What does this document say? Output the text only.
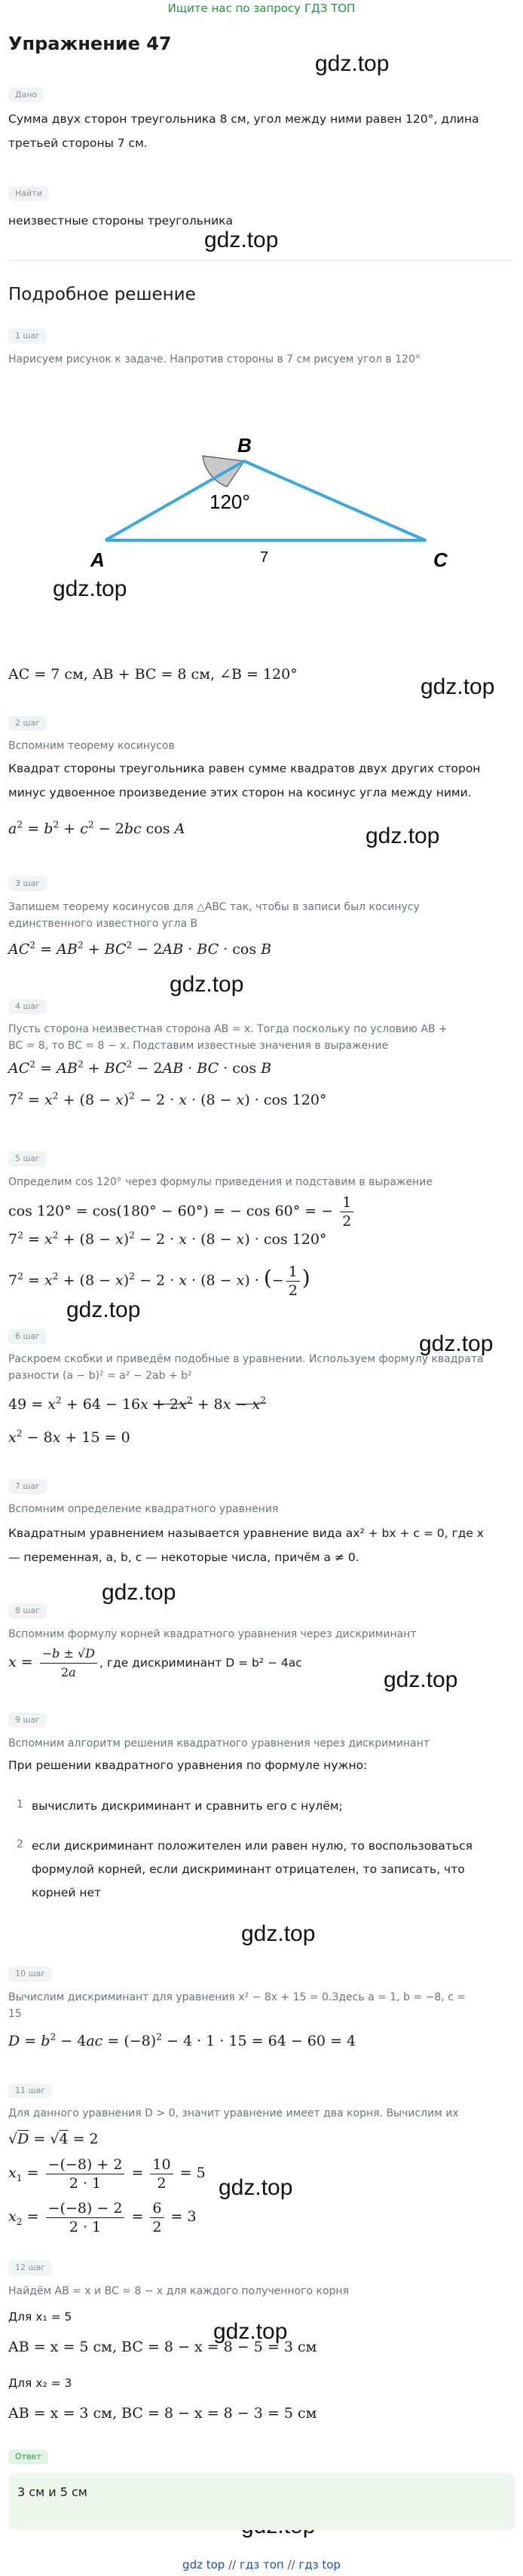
Ищите нас по запросу ГДЗ ТОП
Упражнение 47
gdz.top
gdz.top
gdz.top
gdz.top
gdz.top
gdz.top
gdz.top
gdz.top
gdz.top
gdz.top
gdz.top
gdz.top
gdz.top
Дано
Сумма двух сторон треугольника 8 см, угол между ними равен 120°, длина
третьей стороны 7 см.
Найти
неизвестные стороны треугольника
Подробное решение
1 шаг
Нарисуем рисунок к задаче. Напротив стороны в 7 см рисуем угол в 120°
B
120°
A	C
7
AC = 7 см, AB + BC = 8 см, ∠B = 120°
2 шаг
Вспомним теорему косинусов
Квадрат стороны треугольника равен сумме квадратов двух других сторон
минус удвоенное произведение этих сторон на косинус угла между ними.
$a^2 = b^2 + c^2 - 2bc$ cos A
3 шаг
Запишем теорему косинусов для △ABC так, чтобы в записи был косинусу
единственного известного угла B
$AC^2 = AB^2 + BC^2 - 2AB$ · BC · cos B
4 шаг
Пусть сторона неизвестная сторона AB = x. Тогда поскольку по условию AB +
BC = 8, то BC = 8 − x. Подставим известные значения в выражение
$AC^2 = AB^2 + BC^2 - 2AB$ · BC · cos B
$7^2 = x^2 + (8 - x)^2 - 2 \cdot x \cdot (8 - x) \cdot \cos 120^\circ$
5 шаг
Определим cos 120° через формулы приведения и подставим в выражение
cos 120° = cos(180° − 60°) = − cos 60° = − $\frac{1}{2}$
$7^2 = x^2 + (8 - x)^2 - 2 \cdot x \cdot (8 - x) \cdot \cos 120^\circ$
$7^2 = x^2 + (8 - x)^2 - 2 \cdot x \cdot (8 - x)$ · (− $\frac{1}{2}$ )
6 шаг
Раскроем скобки и приведём подобные в уравнении. Используем формулу квадрата
разности (a − b)² = a² − 2ab + b²
$49 = x^2 + 64 - 16x + 2x^2 + 8x - x^2$
$x^2 - 8x + 15 = 0$
7 шаг
Вспомним определение квадратного уравнения
Квадратным уравнением называется уравнение вида ax² + bx + c = 0, где x
— переменная, a, b, c — некоторые числа, причём a ≠ 0.
8 шаг
Вспомним формулу корней квадратного уравнения через дискриминант
$x = \frac{-b \pm √D}{2a}$ , где дискриминант D = b² − 4ac
9 шаг
Вспомним алгоритм решения квадратного уравнения через дискриминант
При решении квадратного уравнения по формуле нужно:
1 вычислить дискриминант и сравнить его с нулём;
2 если дискриминант положителен или равен нулю, то воспользоваться
формулой корней, если дискриминант отрицателен, то записать, что
корней нет
10 шаг
Вычислим дискриминант для уравнения x² − 8x + 15 = 0.Здесь a = 1, b = −8, c =
15
$D = b^2 - 4ac = (-8)^2 - 4 \cdot 1 \cdot 15 = 64 - 60 = 4$
11 шаг
Для данного уравнения D > 0, значит уравнение имеет два корня. Вычислим их
√D = √4 = 2
$x_1 = \frac{-(-8) + 2}{2 \cdot 1} = \frac{10}{2} = 5$
$x_2 = \frac{-(-8) - 2}{2 \cdot 1} = \frac{6}{2} = 3$
12 шаг
Найдём AB = x и BC = 8 − x для каждого полученного корня
Для x₁ = 5
AB = x = 5 см, BC = 8 − x = 8 − 5 = 3 см
Для x₂ = 3
AB = x = 3 см, BC = 8 − x = 8 − 3 = 5 см
Ответ
3 см и 5 см
gdz top // гдз топ // гдз top
